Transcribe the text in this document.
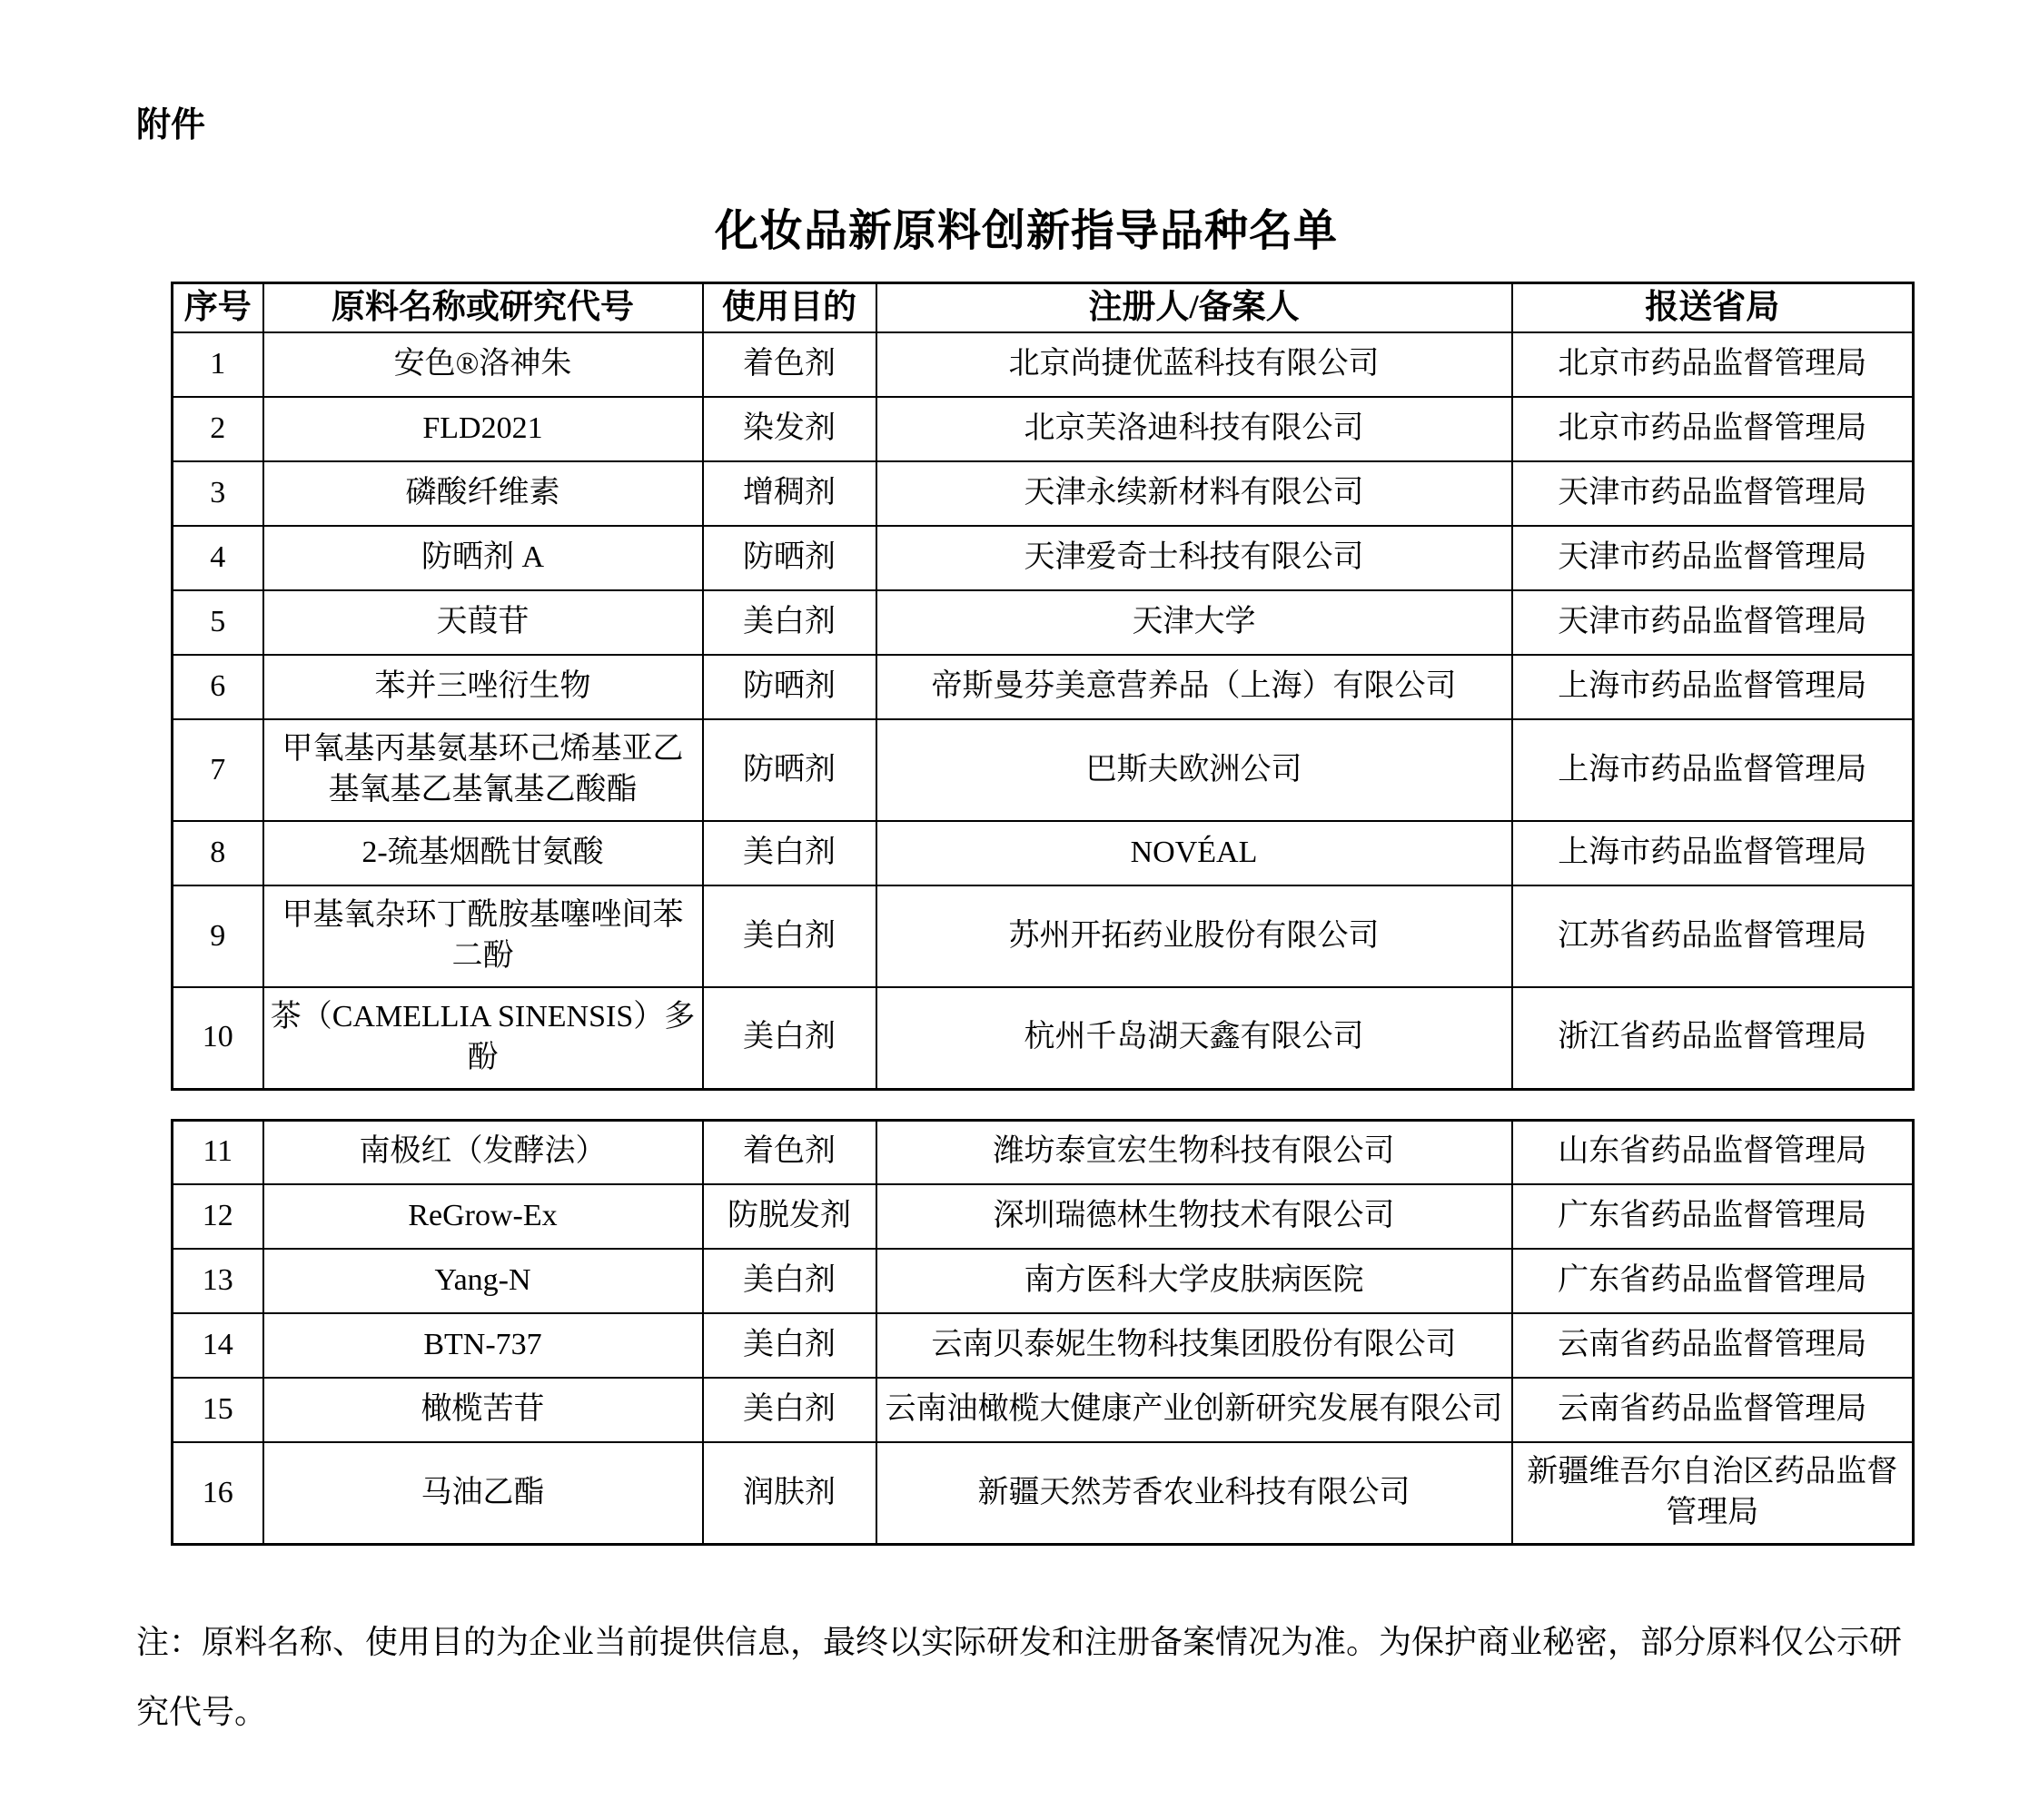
附件
化妆品新原料创新指导品种名单
序号	原料名称或研究代号	使用目的	注册人/备案人	报送省局
1	安色®洛神朱	着色剂	北京尚捷优蓝科技有限公司	北京市药品监督管理局
2	FLD2021	染发剂	北京芙洛迪科技有限公司	北京市药品监督管理局
3	磷酸纤维素	增稠剂	天津永续新材料有限公司	天津市药品监督管理局
4	防晒剂 A	防晒剂	天津爱奇士科技有限公司	天津市药品监督管理局
5	天葭苷	美白剂	天津大学	天津市药品监督管理局
6	苯并三唑衍生物	防晒剂	帝斯曼芬美意营养品（上海）有限公司	上海市药品监督管理局
7	甲氧基丙基氨基环己烯基亚乙基氧基乙基氰基乙酸酯	防晒剂	巴斯夫欧洲公司	上海市药品监督管理局
8	2-巯基烟酰甘氨酸	美白剂	NOVÉAL	上海市药品监督管理局
9	甲基氧杂环丁酰胺基噻唑间苯二酚	美白剂	苏州开拓药业股份有限公司	江苏省药品监督管理局
10	茶（CAMELLIA SINENSIS）多酚	美白剂	杭州千岛湖天鑫有限公司	浙江省药品监督管理局
11	南极红（发酵法）	着色剂	潍坊泰宣宏生物科技有限公司	山东省药品监督管理局
12	ReGrow-Ex	防脱发剂	深圳瑞德林生物技术有限公司	广东省药品监督管理局
13	Yang-N	美白剂	南方医科大学皮肤病医院	广东省药品监督管理局
14	BTN-737	美白剂	云南贝泰妮生物科技集团股份有限公司	云南省药品监督管理局
15	橄榄苦苷	美白剂	云南油橄榄大健康产业创新研究发展有限公司	云南省药品监督管理局
16	马油乙酯	润肤剂	新疆天然芳香农业科技有限公司	新疆维吾尔自治区药品监督管理局

注：原料名称、使用目的为企业当前提供信息，最终以实际研发和注册备案情况为准。为保护商业秘密，部分原料仅公示研究代号。
